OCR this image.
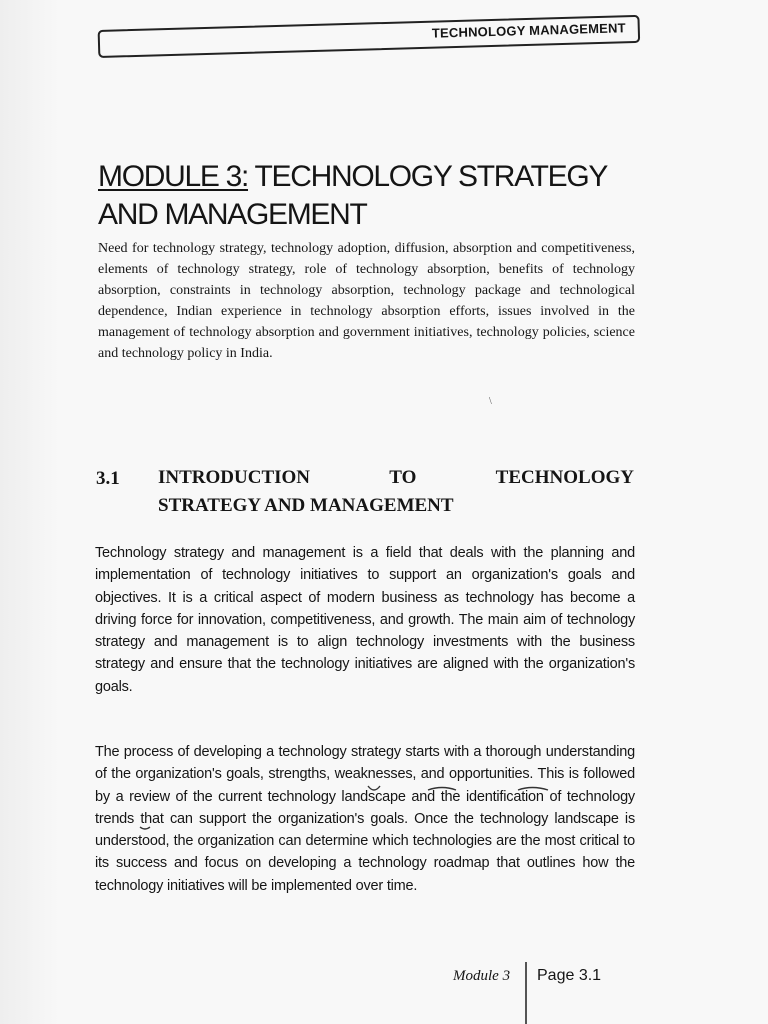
TECHNOLOGY MANAGEMENT
MODULE 3: TECHNOLOGY STRATEGY AND MANAGEMENT

Need for technology strategy, technology adoption, diffusion, absorption and competitiveness, elements of technology strategy, role of technology absorption, benefits of technology absorption, constraints in technology absorption, technology package and technological dependence, Indian experience in technology absorption efforts, issues involved in the management of technology absorption and government initiatives, technology policies, science and technology policy in India.

\
3.1 INTRODUCTION	TO	TECHNOLOGY
STRATEGY AND MANAGEMENT

Technology strategy and management is a field that deals with the planning and implementation of technology initiatives to support an organization's goals and objectives. It is a critical aspect of modern business as technology has become a driving force for innovation, competitiveness, and growth. The main aim of technology strategy and management is to align technology investments with the business strategy and ensure that the technology initiatives are aligned with the organization's goals.

The process of developing a technology strategy starts with a thorough understanding of the organization's goals, strengths, weaknesses, and opportunities. This is followed by a review of the current technology landscape and the identification of technology trends that can support the organization's goals. Once the technology landscape is understood, the organization can determine which technologies are the most critical to its success and focus on developing a technology roadmap that outlines how the technology initiatives will be implemented over time.

Module 3 Page 3.1
